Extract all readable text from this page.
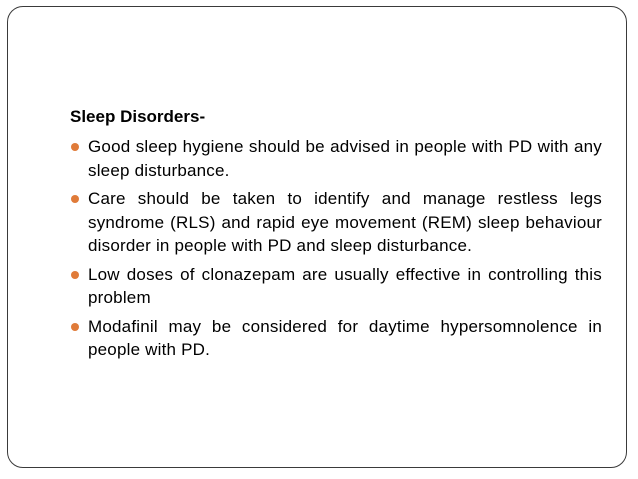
Sleep Disorders-
Good sleep hygiene should be advised in people with PD with any sleep disturbance.
Care should be taken to identify and manage restless legs syndrome (RLS) and rapid eye movement (REM) sleep behaviour disorder in people with PD and sleep disturbance.
Low doses of clonazepam are usually effective in controlling this problem
Modafinil may be considered for daytime hypersomnolence in people with PD.
